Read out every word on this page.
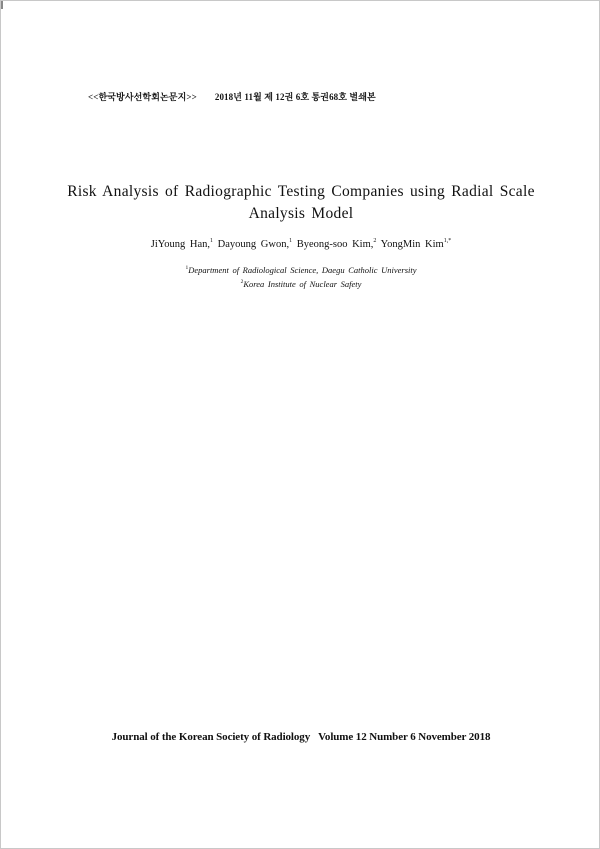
<<한국방사선학회논문지>> 2018년 11월 제 12권 6호 통권68호 별쇄본
Risk Analysis of Radiographic Testing Companies using Radial Scale Analysis Model
JiYoung Han,$^1$ Dayoung Gwon,$^1$ Byeong-soo Kim,$^2$ YongMin Kim$^{1,*}$
$^1$Department of Radiological Science, Daegu Catholic University
$^2$Korea Institute of Nuclear Safety
Journal of the Korean Society of Radiology Volume 12 Number 6 November 2018
